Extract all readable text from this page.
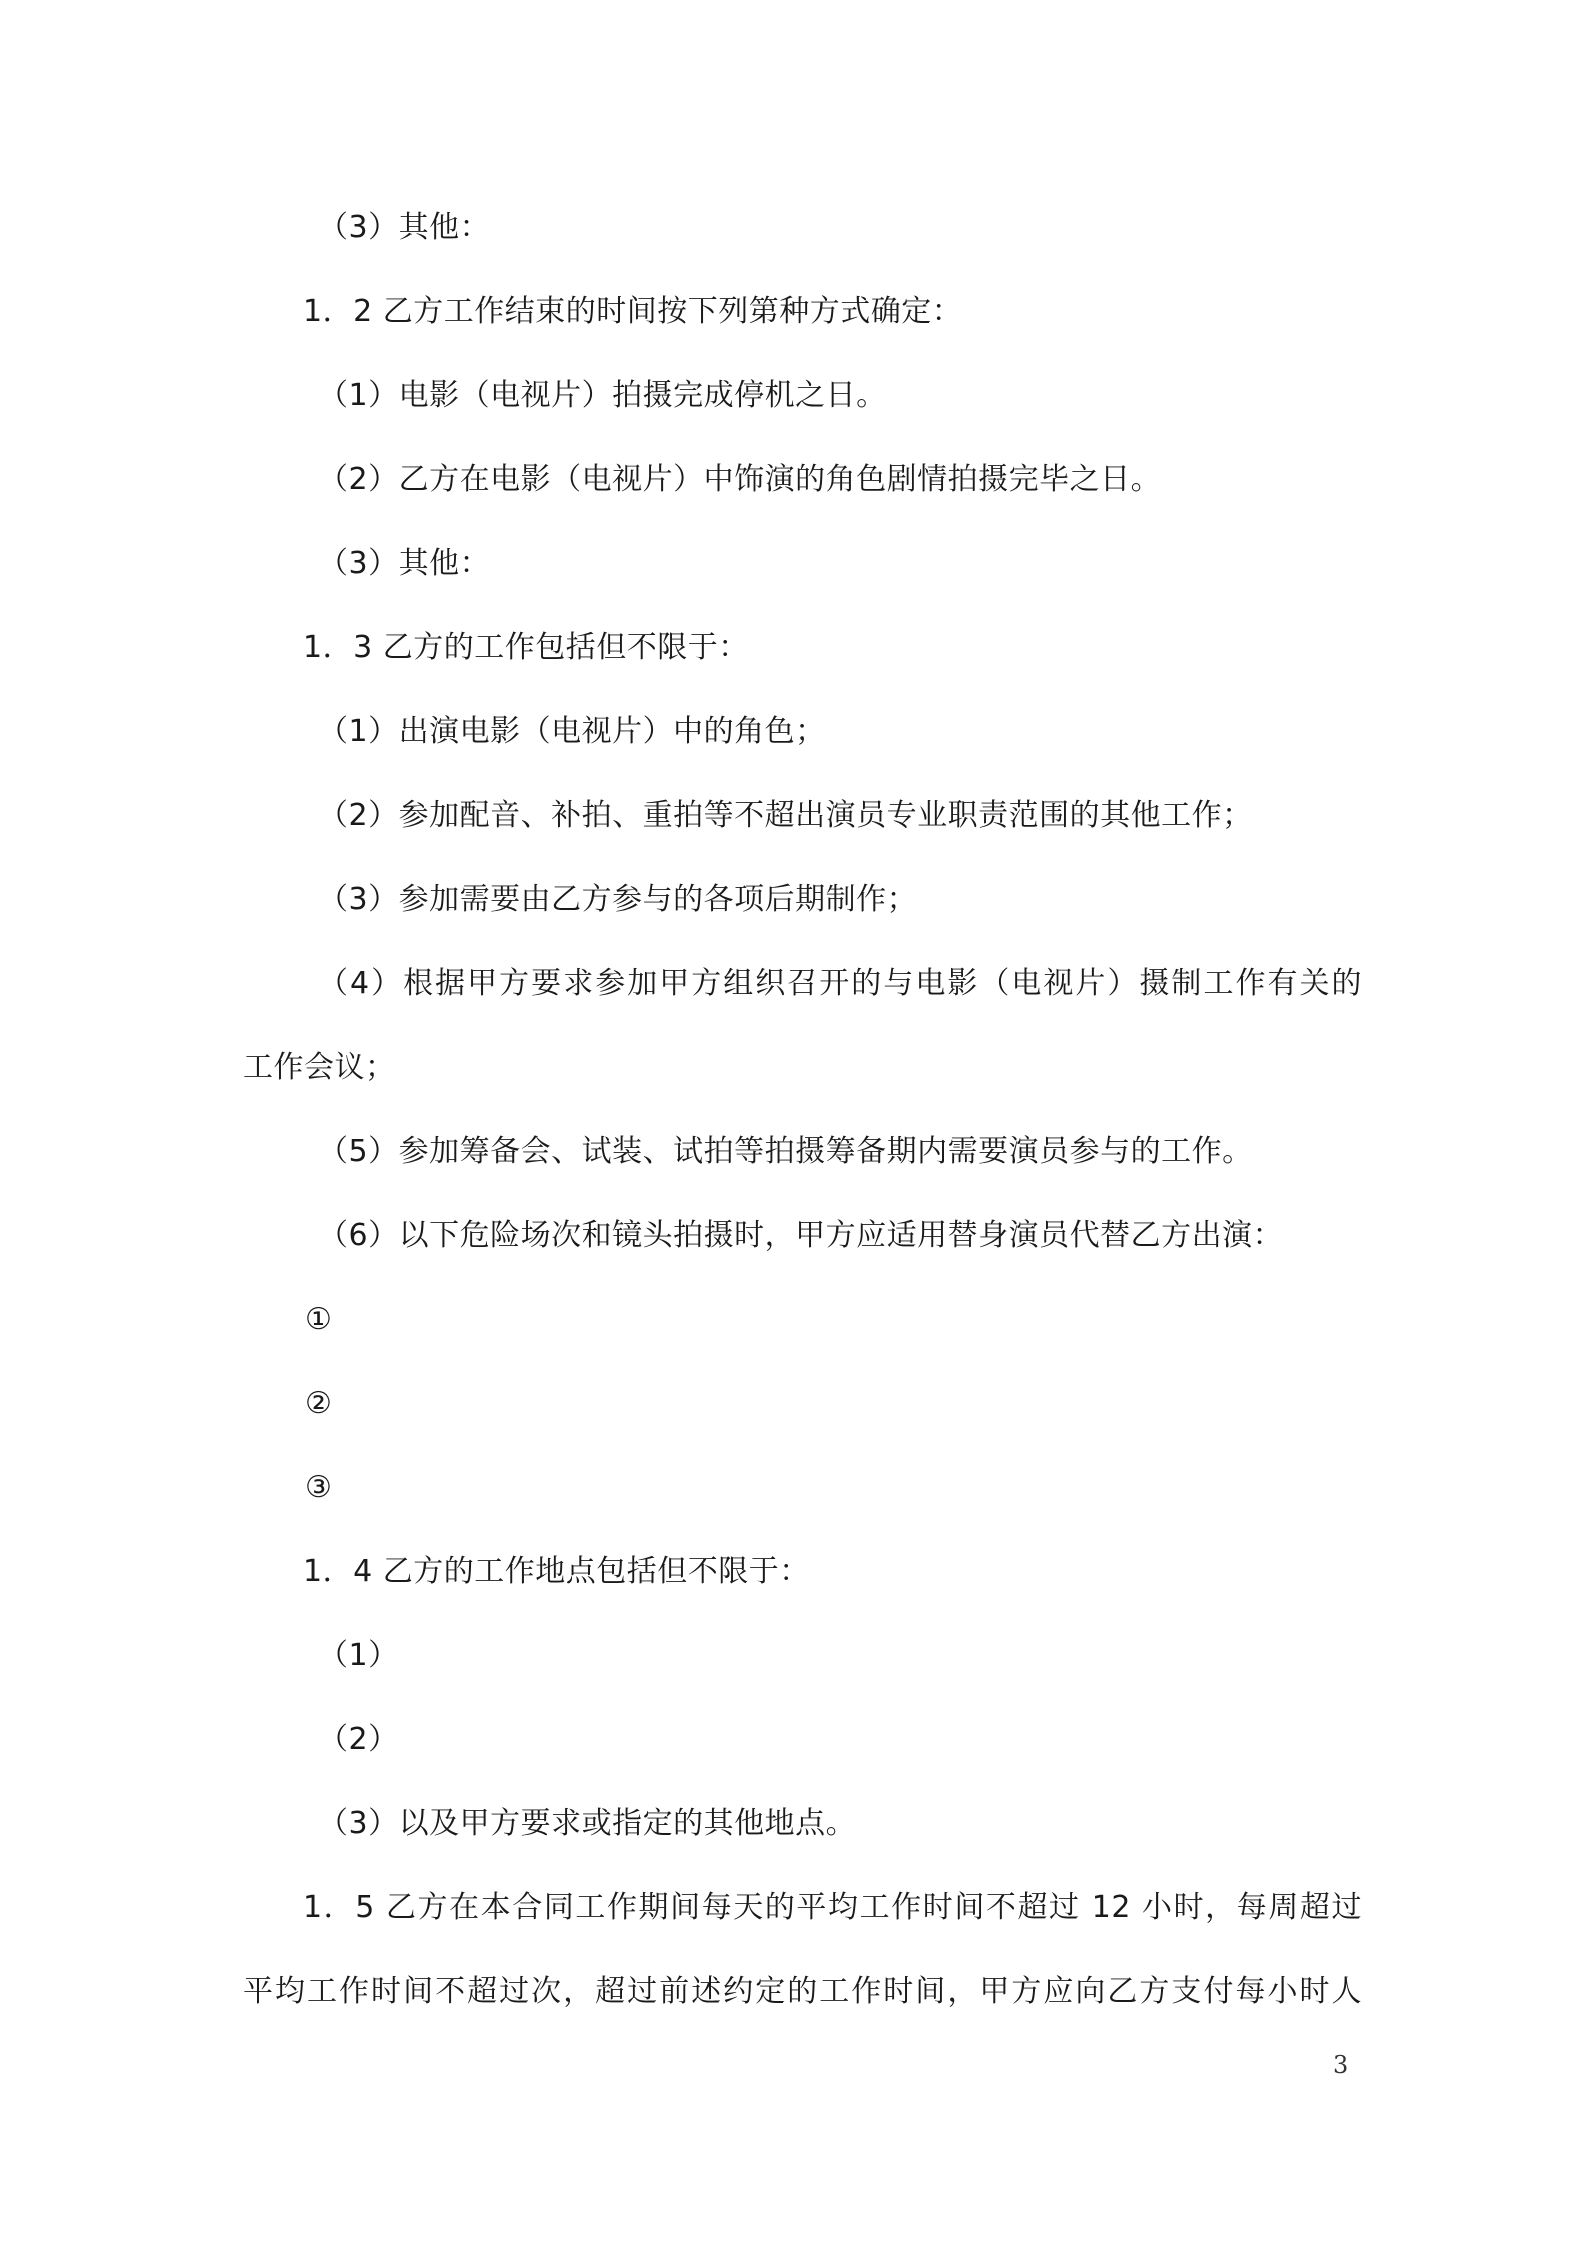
（3）其他：
1．2 乙方工作结束的时间按下列第种方式确定：
（1）电影（电视片）拍摄完成停机之日。
（2）乙方在电影（电视片）中饰演的角色剧情拍摄完毕之日。
（3）其他：
1．3 乙方的工作包括但不限于：
（1）出演电影（电视片）中的角色；
（2）参加配音、补拍、重拍等不超出演员专业职责范围的其他工作；
（3）参加需要由乙方参与的各项后期制作；
（4）根据甲方要求参加甲方组织召开的与电影（电视片）摄制工作有关的
工作会议；
（5）参加筹备会、试装、试拍等拍摄筹备期内需要演员参与的工作。
（6）以下危险场次和镜头拍摄时，甲方应适用替身演员代替乙方出演：
①
②
③
1．4 乙方的工作地点包括但不限于：
（1）
（2）
（3）以及甲方要求或指定的其他地点。
1．5 乙方在本合同工作期间每天的平均工作时间不超过 12 小时，每周超过
平均工作时间不超过次，超过前述约定的工作时间，甲方应向乙方支付每小时人
3
